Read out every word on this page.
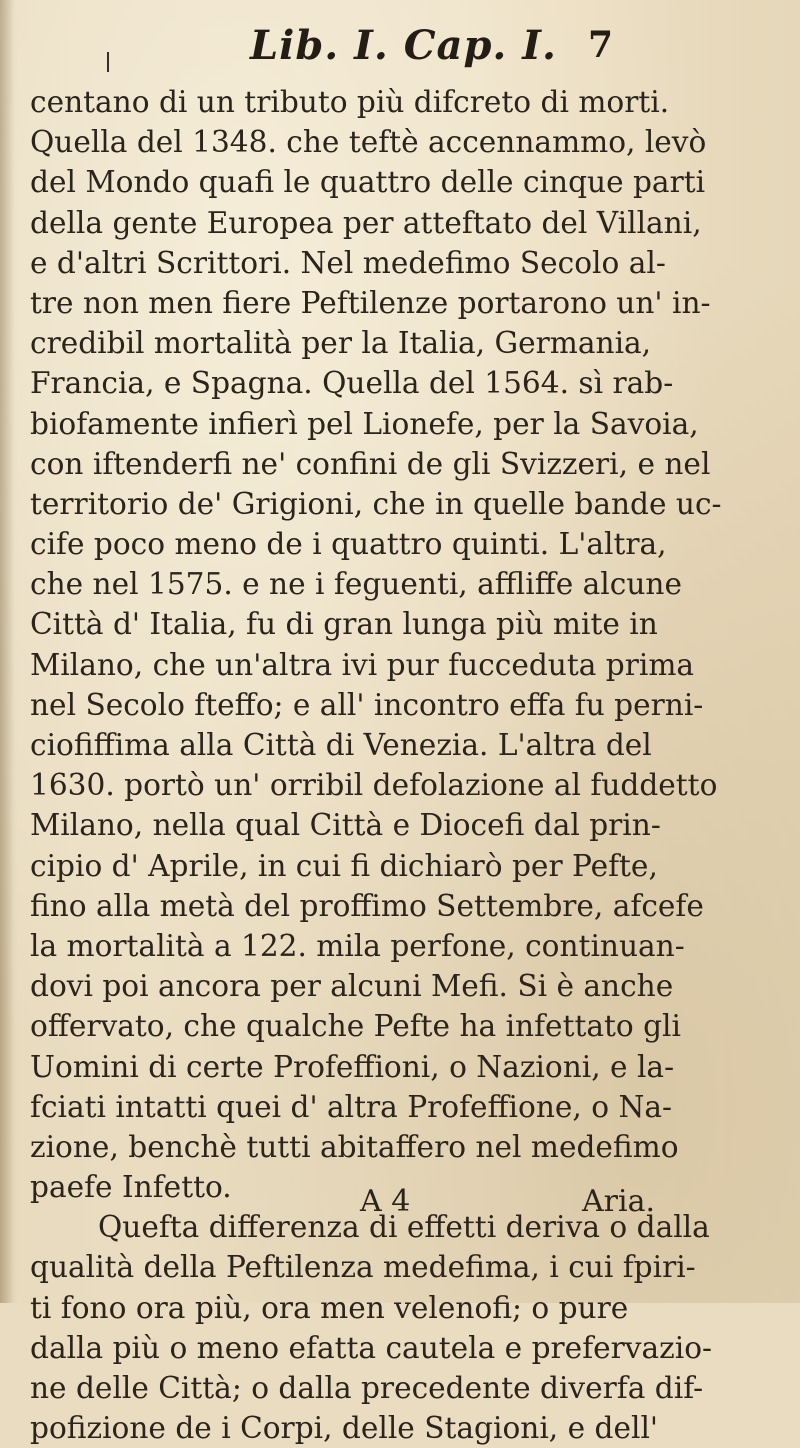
Lib. I. Cap. I. 7
centano di un tributo più difcreto di morti.
Quella del 1348. che teftè accennammo, levò
del Mondo quafi le quattro delle cinque parti
della gente Europea per atteftato del Villani,
e d'altri Scrittori. Nel medefimo Secolo al-
tre non men fiere Peftilenze portarono un' in-
credibil mortalità per la Italia, Germania,
Francia, e Spagna. Quella del 1564. sì rab-
biofamente infierì pel Lionefe, per la Savoia,
con iftenderfi ne' confini de gli Svizzeri, e nel
territorio de' Grigioni, che in quelle bande uc-
cife poco meno de i quattro quinti. L'altra,
che nel 1575. e ne i feguenti, affliffe alcune
Città d' Italia, fu di gran lunga più mite in
Milano, che un'altra ivi pur fucceduta prima
nel Secolo fteffo; e all' incontro effa fu perni-
ciofiffima alla Città di Venezia. L'altra del
1630. portò un' orribil defolazione al fuddetto
Milano, nella qual Città e Diocefi dal prin-
cipio d' Aprile, in cui fi dichiarò per Pefte,
fino alla metà del proffimo Settembre, afcefe
la mortalità a 122. mila perfone, continuan-
dovi poi ancora per alcuni Mefi. Si è anche
offervato, che qualche Pefte ha infettato gli
Uomini di certe Profeffioni, o Nazioni, e la-
fciati intatti quei d' altra Profeffione, o Na-
zione, benchè tutti abitaffero nel medefimo
paefe Infetto.
Quefta differenza di effetti deriva o dalla
qualità della Peftilenza medefima, i cui fpiri-
ti fono ora più, ora men velenofi; o pure
dalla più o meno efatta cautela e prefervazio-
ne delle Città; o dalla precedente diverfa dif-
pofizione de i Corpi, delle Stagioni, e dell'
A 4	Aria.
